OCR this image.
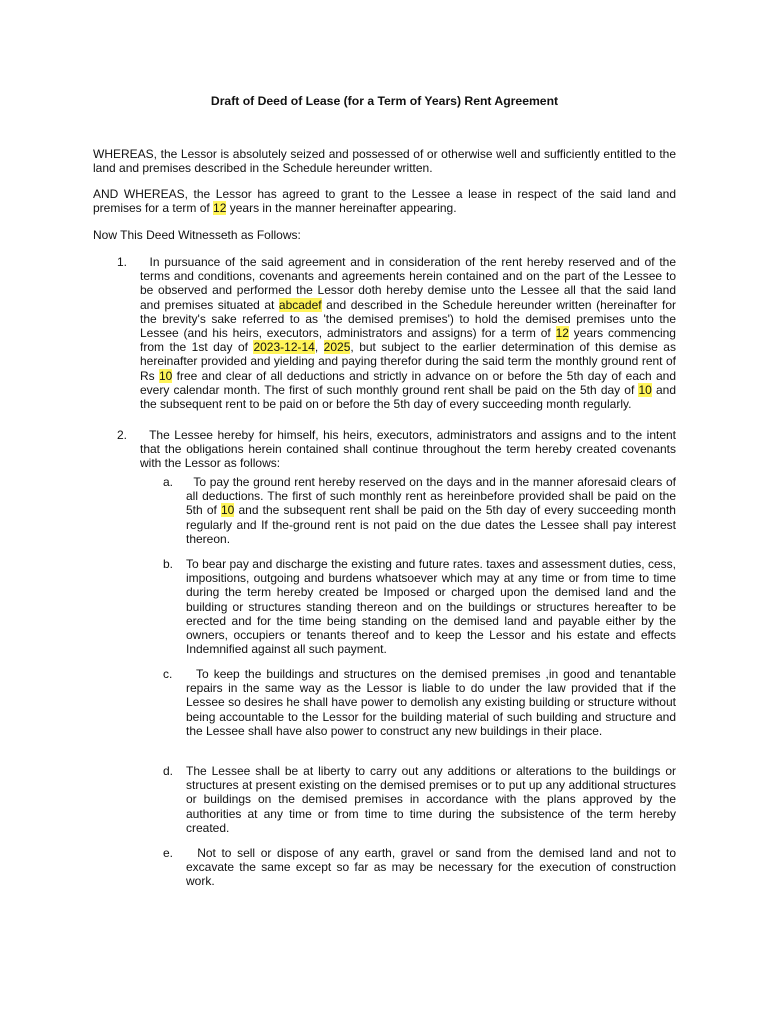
Draft of Deed of Lease (for a Term of Years) Rent Agreement
WHEREAS, the Lessor is absolutely seized and possessed of or otherwise well and sufficiently entitled to the land and premises described in the Schedule hereunder written.
AND WHEREAS, the Lessor has agreed to grant to the Lessee a lease in respect of the said land and premises for a term of 12 years in the manner hereinafter appearing.
Now This Deed Witnesseth as Follows:
1.	In pursuance of the said agreement and in consideration of the rent hereby reserved and of the terms and conditions, covenants and agreements herein contained and on the part of the Lessee to be observed and performed the Lessor doth hereby demise unto the Lessee all that the said land and premises situated at abcadef and described in the Schedule hereunder written (hereinafter for the brevity's sake referred to as 'the demised premises') to hold the demised premises unto the Lessee (and his heirs, executors, administrators and assigns) for a term of 12 years commencing from the 1st day of 2023-12-14, 2025, but subject to the earlier determination of this demise as hereinafter provided and yielding and paying therefor during the said term the monthly ground rent of Rs 10 free and clear of all deductions and strictly in advance on or before the 5th day of each and every calendar month. The first of such monthly ground rent shall be paid on the 5th day of 10 and the subsequent rent to be paid on or before the 5th day of every succeeding month regularly.
2.	The Lessee hereby for himself, his heirs, executors, administrators and assigns and to the intent that the obligations herein contained shall continue throughout the term hereby created covenants with the Lessor as follows:
a.	To pay the ground rent hereby reserved on the days and in the manner aforesaid clears of all deductions. The first of such monthly rent as hereinbefore provided shall be paid on the 5th of 10 and the subsequent rent shall be paid on the 5th day of every succeeding month regularly and If the-ground rent is not paid on the due dates the Lessee shall pay interest thereon.
b. To bear pay and discharge the existing and future rates. taxes and assessment duties, cess, impositions, outgoing and burdens whatsoever which may at any time or from time to time during the term hereby created be Imposed or charged upon the demised land and the building or structures standing thereon and on the buildings or structures hereafter to be erected and for the time being standing on the demised land and payable either by the owners, occupiers or tenants thereof and to keep the Lessor and his estate and effects Indemnified against all such payment.
c.	To keep the buildings and structures on the demised premises ,in good and tenantable repairs in the same way as the Lessor is liable to do under the law provided that if the Lessee so desires he shall have power to demolish any existing building or structure without being accountable to the Lessor for the building material of such building and structure and the Lessee shall have also power to construct any new buildings in their place.
d. The Lessee shall be at liberty to carry out any additions or alterations to the buildings or structures at present existing on the demised premises or to put up any additional structures or buildings on the demised premises in accordance with the plans approved by the authorities at any time or from time to time during the subsistence of the term hereby created.
e.	Not to sell or dispose of any earth, gravel or sand from the demised land and not to excavate the same except so far as may be necessary for the execution of construction work.
